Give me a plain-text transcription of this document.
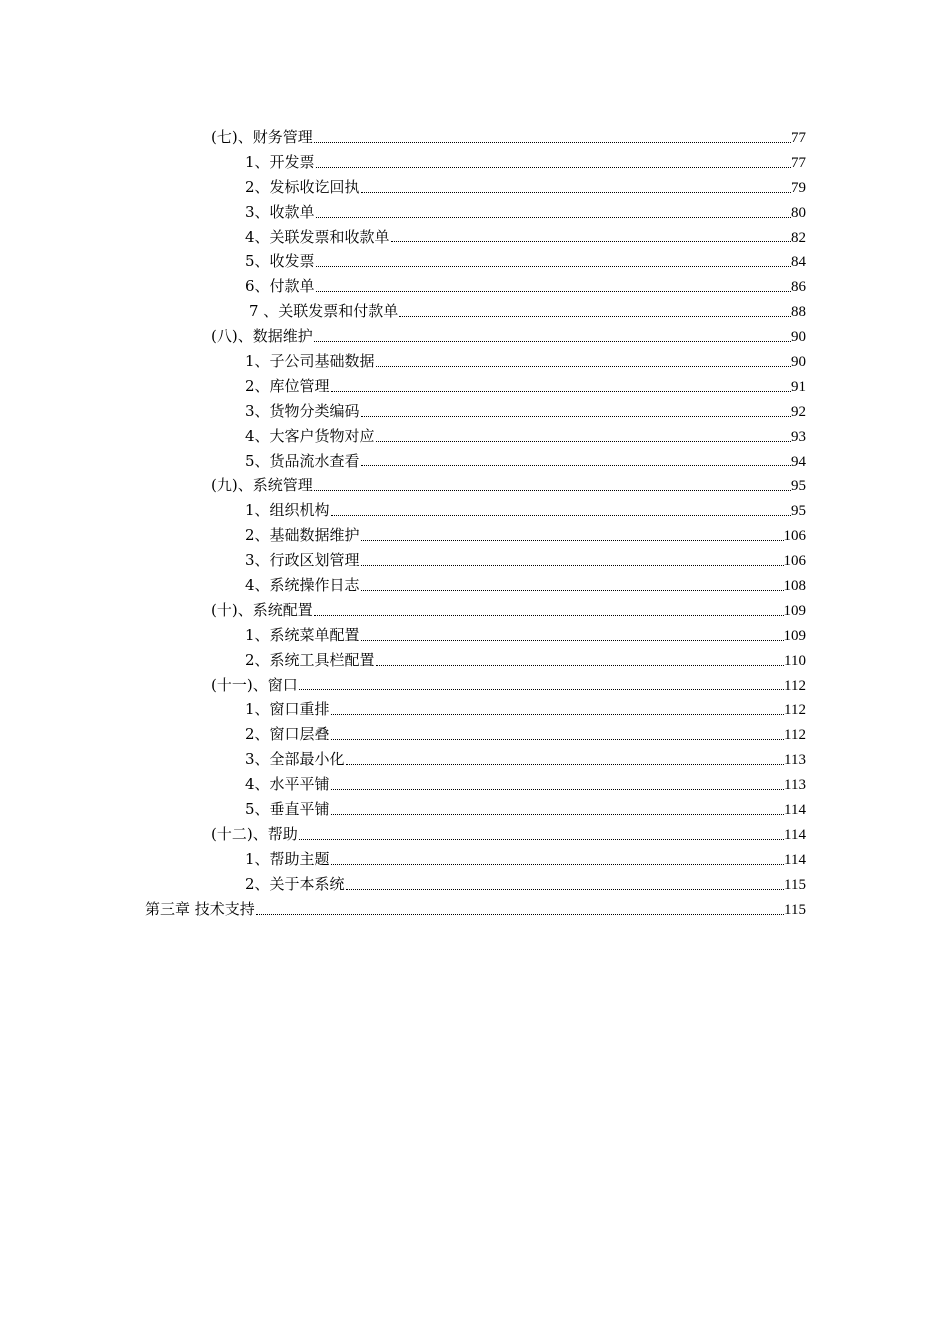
(七)、财务管理	77
1、开发票	77
2、发标收讫回执	79
3、收款单	80
4、关联发票和收款单	82
5、收发票	84
6、付款单	86
7 、关联发票和付款单	88
(八)、数据维护	90
1、子公司基础数据	90
2、库位管理	91
3、货物分类编码	92
4、大客户货物对应	93
5、货品流水查看	94
(九)、系统管理	95
1、组织机构	95
2、基础数据维护	106
3、行政区划管理	106
4、系统操作日志	108
(十)、系统配置	109
1、系统菜单配置	109
2、系统工具栏配置	110
(十一)、窗口	112
1、窗口重排	112
2、窗口层叠	112
3、全部最小化	113
4、水平平铺	113
5、垂直平铺	114
(十二)、帮助	114
1、帮助主题	114
2、关于本系统	115
第三章 技术支持	115
